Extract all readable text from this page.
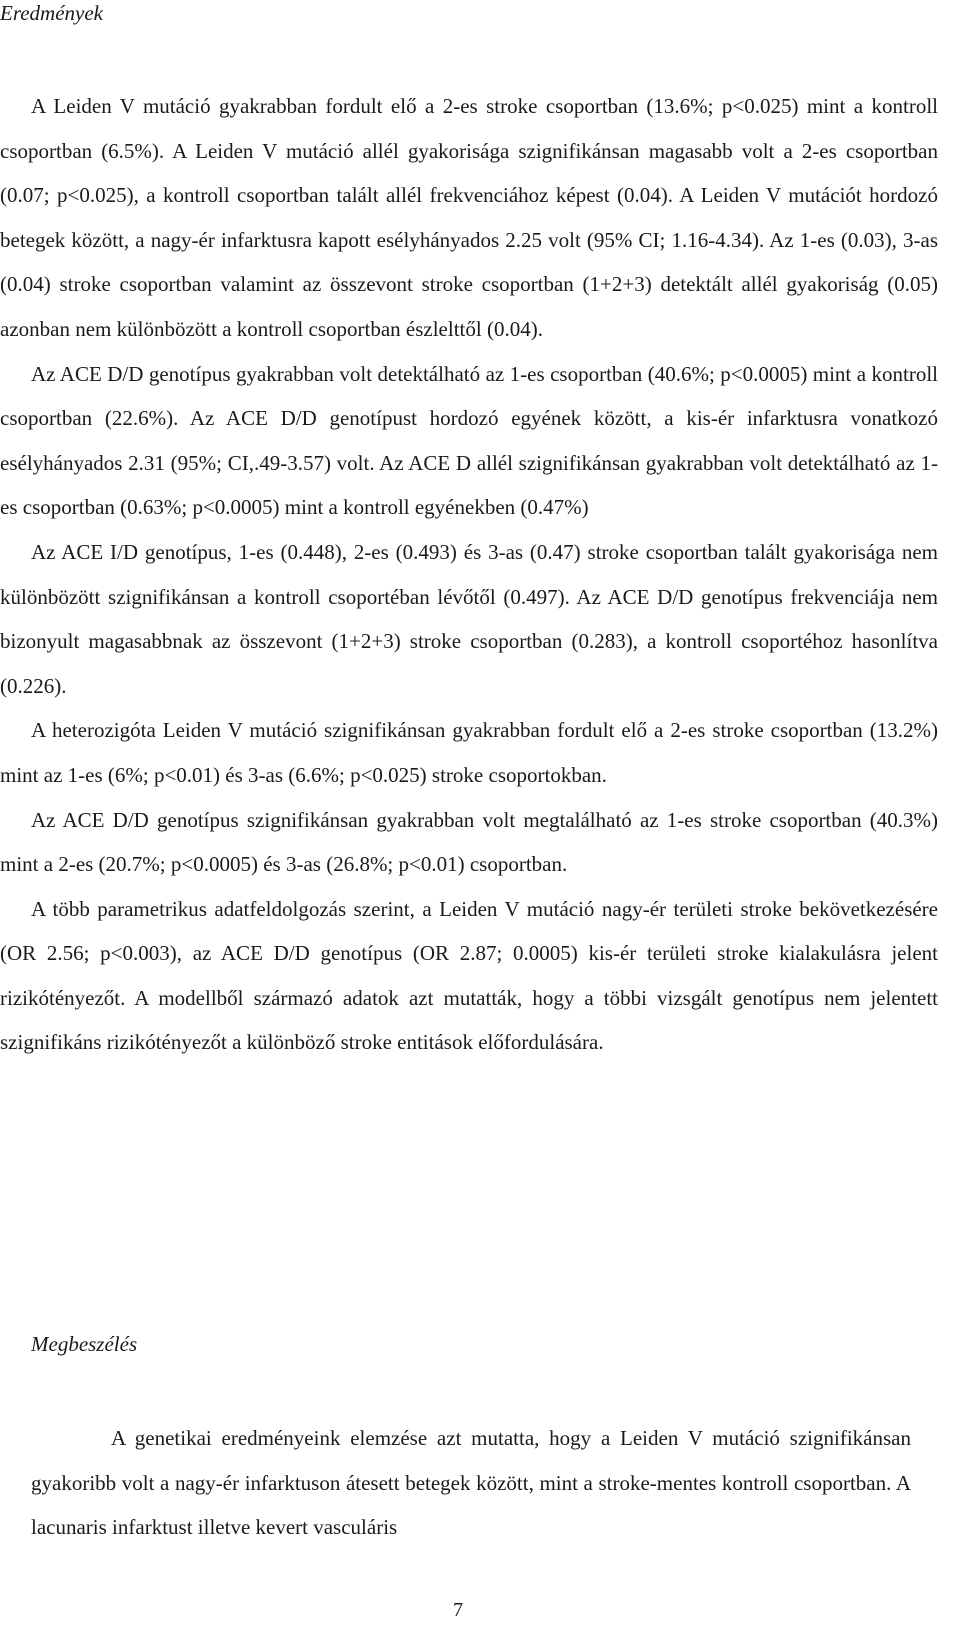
Eredmények

A Leiden V mutáció gyakrabban fordult elő a 2-es stroke csoportban (13.6%; p<0.025) mint a kontroll csoportban (6.5%). A Leiden V mutáció allél gyakorisága szignifikánsan magasabb volt a 2-es csoportban (0.07; p<0.025), a kontroll csoportban talált allél frekvenciához képest (0.04). A Leiden V mutációt hordozó betegek között, a nagy-ér infarktusra kapott esélyhányados 2.25 volt (95% CI; 1.16-4.34). Az 1-es (0.03), 3-as (0.04) stroke csoportban valamint az összevont stroke csoportban (1+2+3) detektált allél gyakoriság (0.05) azonban nem különbözött a kontroll csoportban észlelttől (0.04).

Az ACE D/D genotípus gyakrabban volt detektálható az 1-es csoportban (40.6%; p<0.0005) mint a kontroll csoportban (22.6%). Az ACE D/D genotípust hordozó egyének között, a kis-ér infarktusra vonatkozó esélyhányados 2.31 (95%; CI,.49-3.57) volt. Az ACE D allél szignifikánsan gyakrabban volt detektálható az 1-es csoportban (0.63%; p<0.0005) mint a kontroll egyénekben (0.47%)

Az ACE I/D genotípus, 1-es (0.448), 2-es (0.493) és 3-as (0.47) stroke csoportban talált gyakorisága nem különbözött szignifikánsan a kontroll csoportéban lévőtől (0.497). Az ACE D/D genotípus frekvenciája nem bizonyult magasabbnak az összevont (1+2+3) stroke csoportban (0.283), a kontroll csoportéhoz hasonlítva (0.226).

A heterozigóta Leiden V mutáció szignifikánsan gyakrabban fordult elő a 2-es stroke csoportban (13.2%) mint az 1-es (6%; p<0.01) és 3-as (6.6%; p<0.025) stroke csoportokban.

Az ACE D/D genotípus szignifikánsan gyakrabban volt megtalálható az 1-es stroke csoportban (40.3%) mint a 2-es (20.7%; p<0.0005) és 3-as (26.8%; p<0.01) csoportban.

A több parametrikus adatfeldolgozás szerint, a Leiden V mutáció nagy-ér területi stroke bekövetkezésére (OR 2.56; p<0.003), az ACE D/D genotípus (OR 2.87; 0.0005) kis-ér területi stroke kialakulásra jelent rizikótényezőt. A modellből származó adatok azt mutatták, hogy a többi vizsgált genotípus nem jelentett szignifikáns rizikótényezőt a különböző stroke entitások előfordulására.

Megbeszélés

A genetikai eredményeink elemzése azt mutatta, hogy a Leiden V mutáció szignifikánsan gyakoribb volt a nagy-ér infarktuson átesett betegek között, mint a stroke-mentes kontroll csoportban. A lacunaris infarktust illetve kevert vasculáris

7
